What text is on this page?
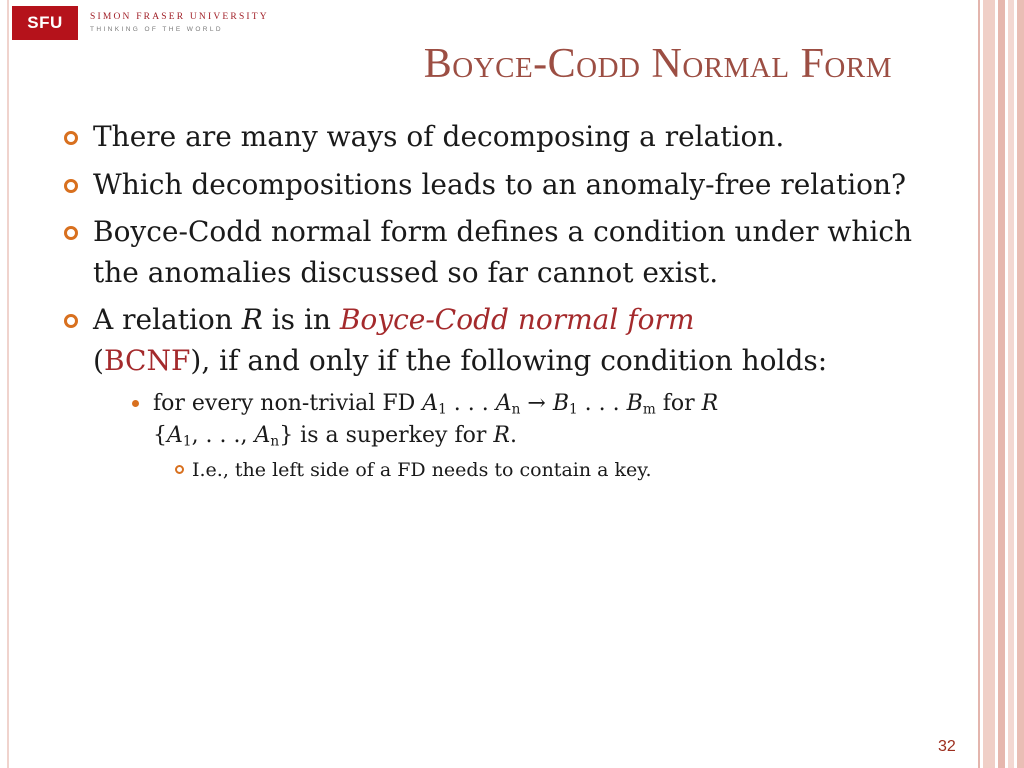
SFU	SIMON FRASER UNIVERSITY
THINKING OF THE WORLD
Boyce-Codd Normal Form
There are many ways of decomposing a relation.
Which decompositions leads to an anomaly-free relation?
Boyce-Codd normal form defines a condition under which the anomalies discussed so far cannot exist.
A relation R is in Boyce-Codd normal form
(BCNF), if and only if the following condition holds:
for every non-trivial FD $A_1$ . . . $A_n \to B_1$ . . . $B_m$ for R
{$A_1$, . . ., $A_n$} is a superkey for R.
I.e., the left side of a FD needs to contain a key.
32
